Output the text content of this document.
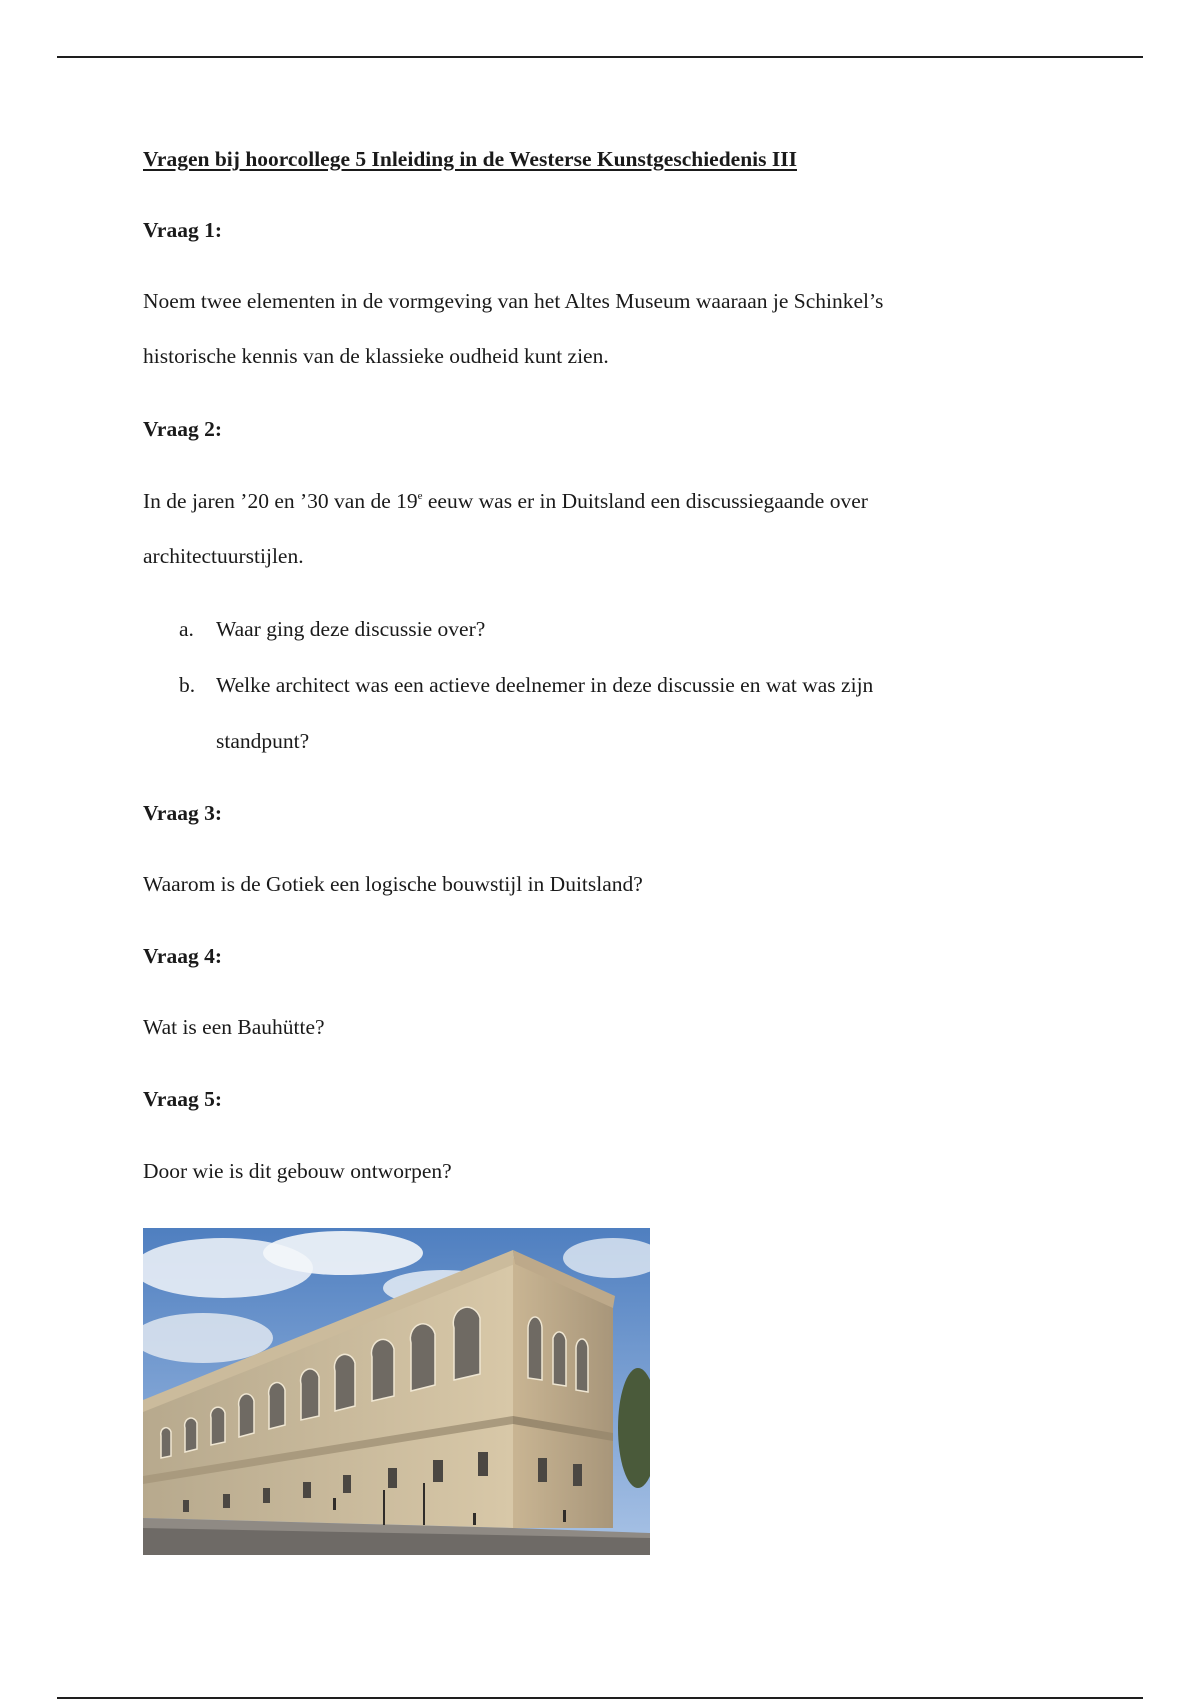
Vragen bij hoorcollege 5 Inleiding in de Westerse Kunstgeschiedenis III
Vraag 1:
Noem twee elementen in de vormgeving van het Altes Museum waaraan je Schinkel’s
historische kennis van de klassieke oudheid kunt zien.
Vraag 2:
In de jaren ’20 en ’30 van de 19e eeuw was er in Duitsland een discussiegaande over
architectuurstijlen.
a. Waar ging deze discussie over?
b. Welke architect was een actieve deelnemer in deze discussie en wat was zijn
standpunt?
Vraag 3:
Waarom is de Gotiek een logische bouwstijl in Duitsland?
Vraag 4:
Wat is een Bauhütte?
Vraag 5:
Door wie is dit gebouw ontworpen?
